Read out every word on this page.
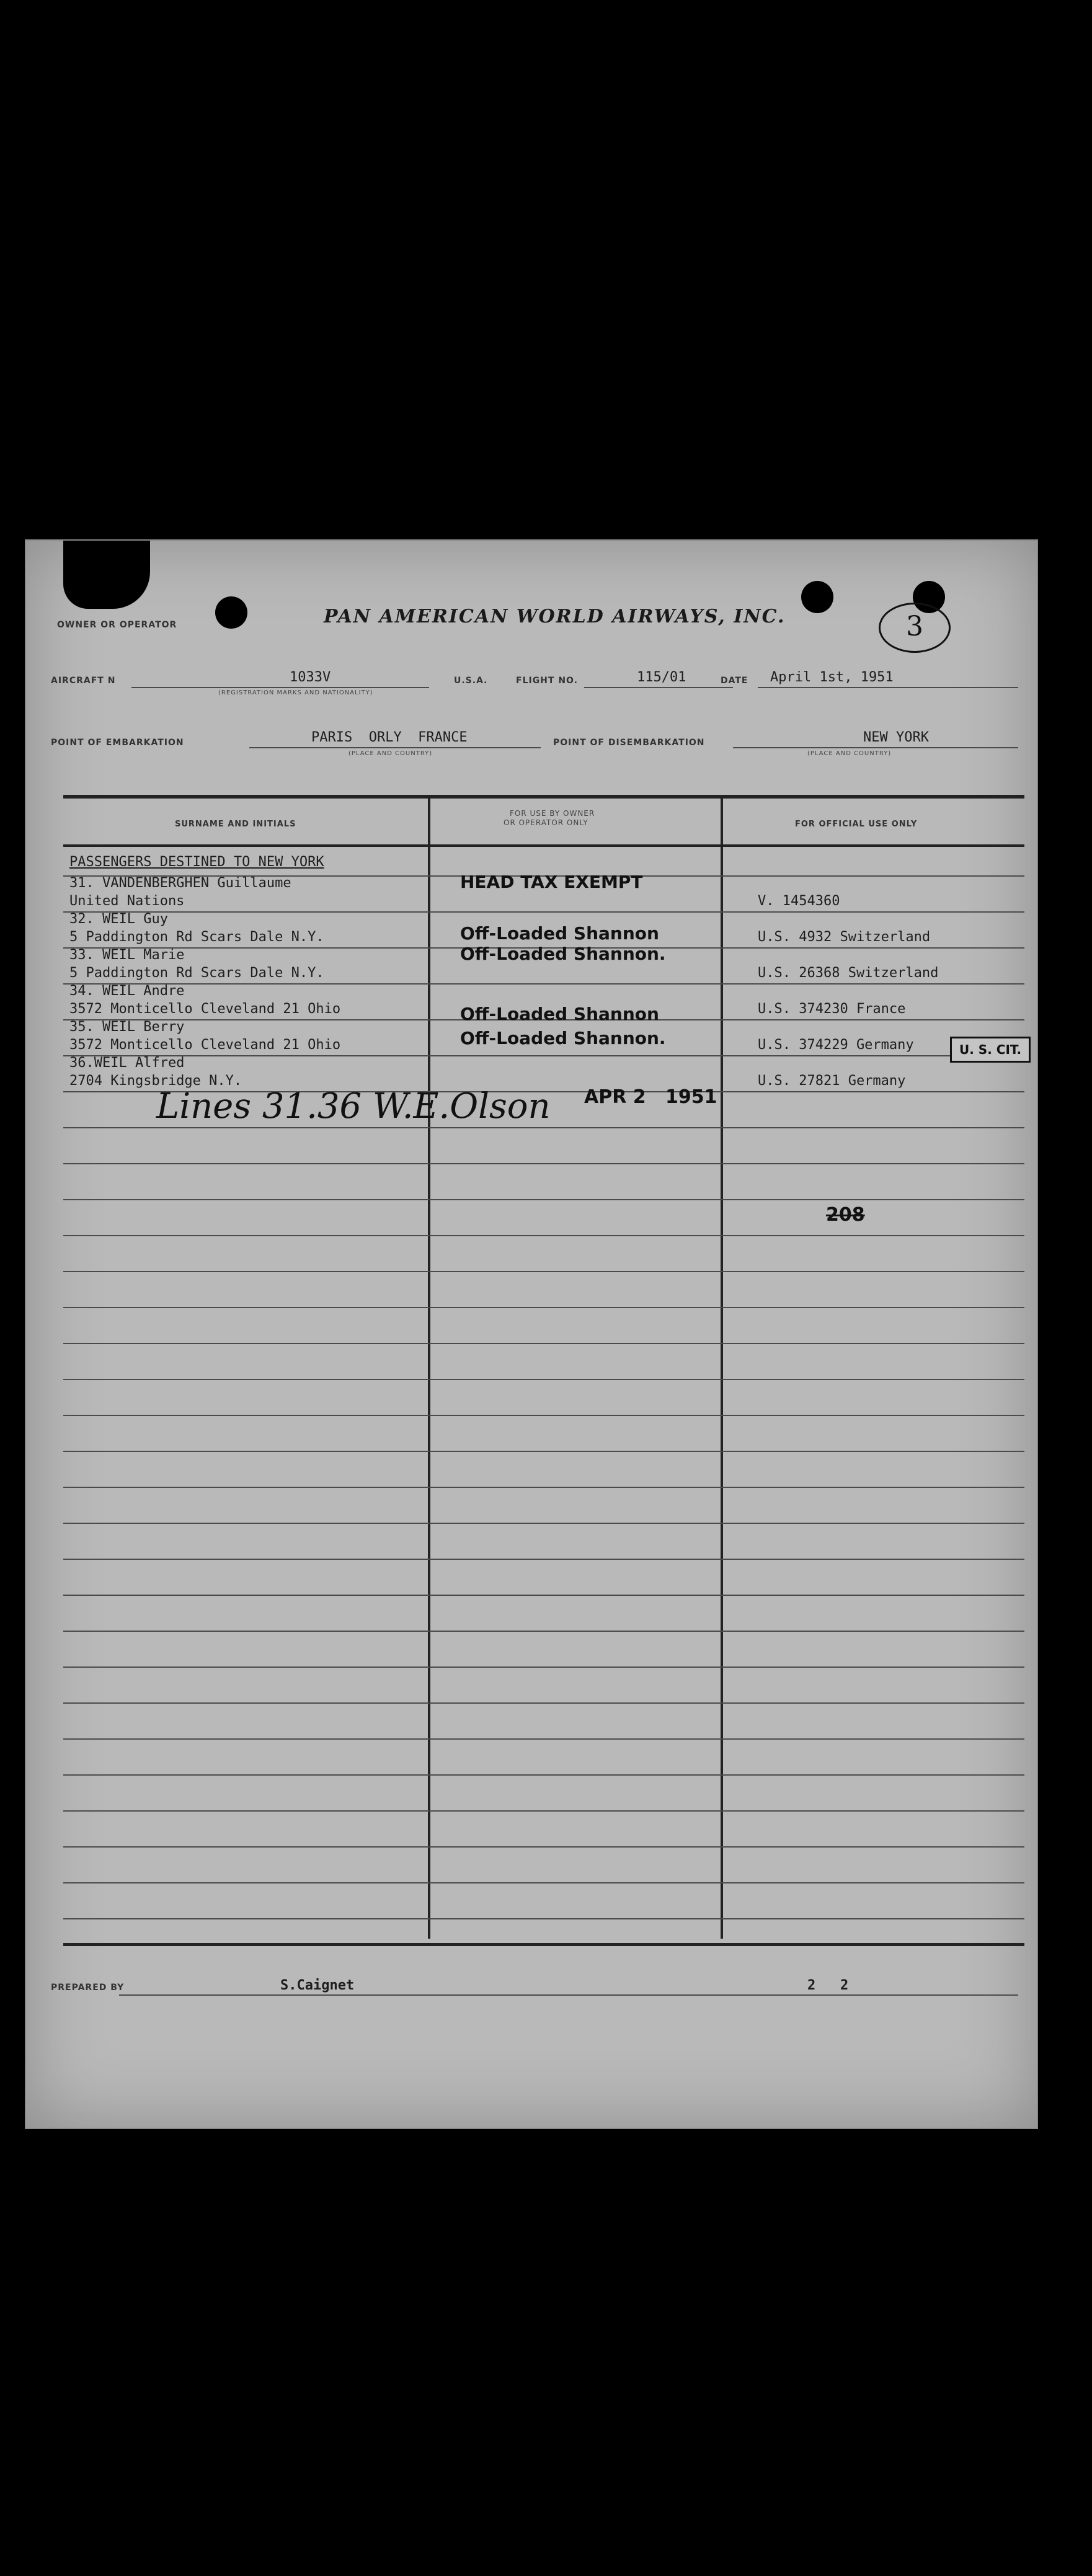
OWNER OR OPERATOR	PAN AMERICAN WORLD AIRWAYS, INC.	3
AIRCRAFT N	1033V
(REGISTRATION MARKS AND NATIONALITY)
U.S.A.	FLIGHT NO.	115/01	DATE April 1st, 1951
POINT OF EMBARKATION	PARIS  ORLY  FRANCE
(PLACE AND COUNTRY)
POINT OF DISEMBARKATION	NEW YORK
(PLACE AND COUNTRY)
SURNAME AND INITIALS
FOR USE BY OWNER
OR OPERATOR ONLY	FOR OFFICIAL USE ONLY
PASSENGERS DESTINED TO NEW YORK
31. VANDENBERGHEN Guillaume	HEAD TAX EXEMPT
United Nations	V. 1454360
32. WEIL Guy
5 Paddington Rd Scars Dale N.Y.	Off-Loaded Shannon	U.S. 4932 Switzerland
33. WEIL Marie	Off-Loaded Shannon.
5 Paddington Rd Scars Dale N.Y.	U.S. 26368 Switzerland
34. WEIL Andre
3572 Monticello Cleveland 21 Ohio	Off-Loaded Shannon	U.S. 374230 France
35. WEIL Berry
Off-Loaded Shannon.
3572 Monticello Cleveland 21 Ohio	U.S. 374229 Germany
36.WEIL Alfred
2704 Kingsbridge N.Y.	U.S. 27821 Germany
U. S. CIT.
APR 2   1951
Lines 31.36 W.E.Olson
208
PREPARED BY	S.Caignet	2   2
